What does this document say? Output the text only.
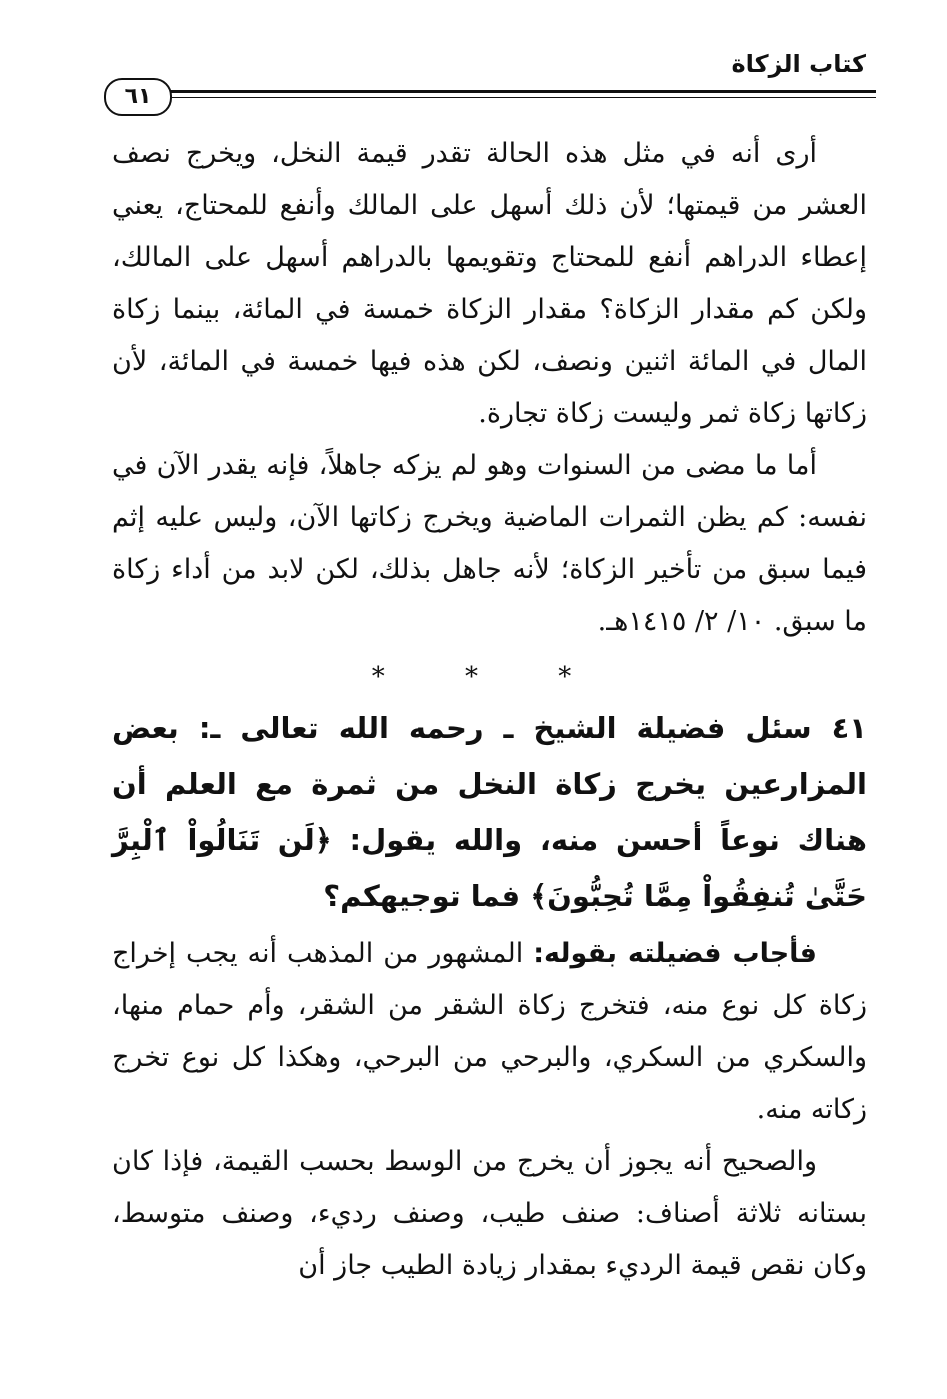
كتاب الزكاة
٦١

أرى أنه في مثل هذه الحالة تقدر قيمة النخل، ويخرج نصف العشر من قيمتها؛ لأن ذلك أسهل على المالك وأنفع للمحتاج، يعني إعطاء الدراهم أنفع للمحتاج وتقويمها بالدراهم أسهل على المالك، ولكن كم مقدار الزكاة؟ مقدار الزكاة خمسة في المائة، بينما زكاة المال في المائة اثنين ونصف، لكن هذه فيها خمسة في المائة، لأن زكاتها زكاة ثمر وليست زكاة تجارة.

أما ما مضى من السنوات وهو لم يزكه جاهلاً، فإنه يقدر الآن في نفسه: كم يظن الثمرات الماضية ويخرج زكاتها الآن، وليس عليه إثم فيما سبق من تأخير الزكاة؛ لأنه جاهل بذلك، لكن لابد من أداء زكاة ما سبق. ١٠/ ٢/ ١٤١٥هـ.

* * *

٤١ سئل فضيلة الشيخ ـ رحمه الله تعالى ـ: بعض المزارعين يخرج زكاة النخل من ثمرة مع العلم أن هناك نوعاً أحسن منه، والله يقول: ﴿لَن تَنَالُواْ ٱلْبِرَّ حَتَّىٰ تُنفِقُواْ مِمَّا تُحِبُّونَ﴾ فما توجيهكم؟

فأجاب فضيلته بقوله: المشهور من المذهب أنه يجب إخراج زكاة كل نوع منه، فتخرج زكاة الشقر من الشقر، وأم حمام منها، والسكري من السكري، والبرحي من البرحي، وهكذا كل نوع تخرج زكاته منه.

والصحيح أنه يجوز أن يخرج من الوسط بحسب القيمة، فإذا كان بستانه ثلاثة أصناف: صنف طيب، وصنف رديء، وصنف متوسط، وكان نقص قيمة الرديء بمقدار زيادة الطيب جاز أن
